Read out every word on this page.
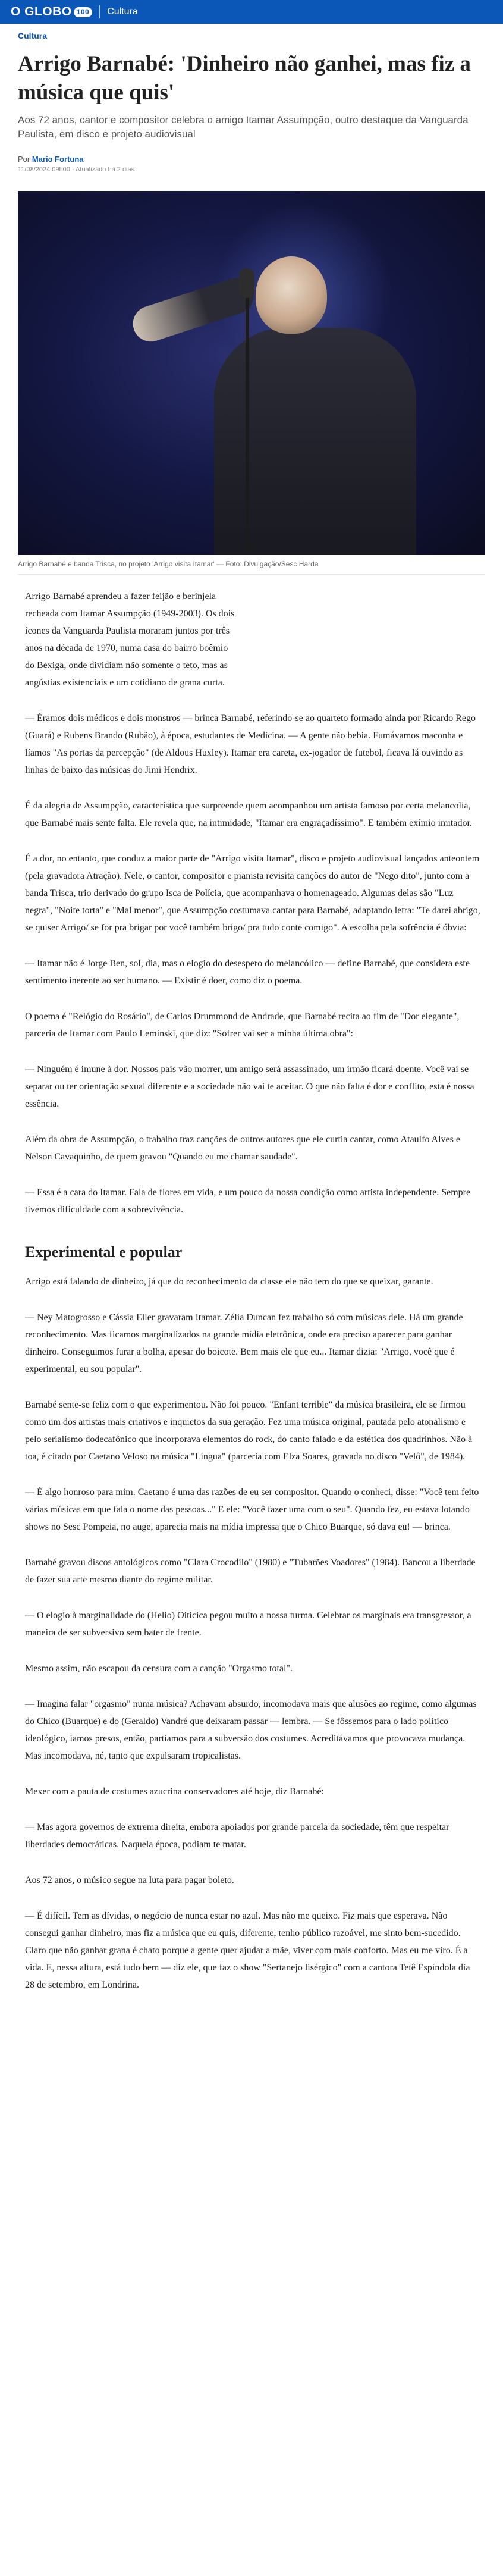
O GLOBO 100	Cultura
Cultura
Arrigo Barnabé: 'Dinheiro não ganhei, mas fiz a música que quis'

Aos 72 anos, cantor e compositor celebra o amigo Itamar Assumpção, outro destaque da Vanguarda Paulista, em disco e projeto audiovisual

Por Mario Fortuna
11/08/2024 09h00 · Atualizado há 2 dias
Arrigo Barnabé e banda Trisca, no projeto 'Arrigo visita Itamar' — Foto: Divulgação/Sesc Harda

Arrigo Barnabé aprendeu a fazer feijão e berinjela recheada com Itamar Assumpção (1949-2003). Os dois ícones da Vanguarda Paulista moraram juntos por três anos na década de 1970, numa casa do bairro boêmio do Bexiga, onde dividiam não somente o teto, mas as angústias existenciais e um cotidiano de grana curta.

— Éramos dois médicos e dois monstros — brinca Barnabé, referindo-se ao quarteto formado ainda por Ricardo Rego (Guará) e Rubens Brando (Rubão), à época, estudantes de Medicina. — A gente não bebia. Fumávamos maconha e líamos "As portas da percepção" (de Aldous Huxley). Itamar era careta, ex-jogador de futebol, ficava lá ouvindo as linhas de baixo das músicas do Jimi Hendrix.

É da alegria de Assumpção, característica que surpreende quem acompanhou um artista famoso por certa melancolia, que Barnabé mais sente falta. Ele revela que, na intimidade, "Itamar era engraçadíssimo". E também exímio imitador.

É a dor, no entanto, que conduz a maior parte de "Arrigo visita Itamar", disco e projeto audiovisual lançados anteontem (pela gravadora Atração). Nele, o cantor, compositor e pianista revisita canções do autor de "Nego dito", junto com a banda Trisca, trio derivado do grupo Isca de Polícia, que acompanhava o homenageado. Algumas delas são "Luz negra", "Noite torta" e "Mal menor", que Assumpção costumava cantar para Barnabé, adaptando letra: "Te darei abrigo, se quiser Arrigo/ se for pra brigar por você também brigo/ pra tudo conte comigo". A escolha pela sofrência é óbvia:

— Itamar não é Jorge Ben, sol, dia, mas o elogio do desespero do melancólico — define Barnabé, que considera este sentimento inerente ao ser humano. — Existir é doer, como diz o poema.

O poema é "Relógio do Rosário", de Carlos Drummond de Andrade, que Barnabé recita ao fim de "Dor elegante", parceria de Itamar com Paulo Leminski, que diz: "Sofrer vai ser a minha última obra":

— Ninguém é imune à dor. Nossos pais vão morrer, um amigo será assassinado, um irmão ficará doente. Você vai se separar ou ter orientação sexual diferente e a sociedade não vai te aceitar. O que não falta é dor e conflito, esta é nossa essência.

Além da obra de Assumpção, o trabalho traz canções de outros autores que ele curtia cantar, como Ataulfo Alves e Nelson Cavaquinho, de quem gravou "Quando eu me chamar saudade".

— Essa é a cara do Itamar. Fala de flores em vida, e um pouco da nossa condição como artista independente. Sempre tivemos dificuldade com a sobrevivência.

Experimental e popular

Arrigo está falando de dinheiro, já que do reconhecimento da classe ele não tem do que se queixar, garante.

— Ney Matogrosso e Cássia Eller gravaram Itamar. Zélia Duncan fez trabalho só com músicas dele. Há um grande reconhecimento. Mas ficamos marginalizados na grande mídia eletrônica, onde era preciso aparecer para ganhar dinheiro. Conseguimos furar a bolha, apesar do boicote. Bem mais ele que eu... Itamar dizia: "Arrigo, você que é experimental, eu sou popular".

Barnabé sente-se feliz com o que experimentou. Não foi pouco. "Enfant terrible" da música brasileira, ele se firmou como um dos artistas mais criativos e inquietos da sua geração. Fez uma música original, pautada pelo atonalismo e pelo serialismo dodecafônico que incorporava elementos do rock, do canto falado e da estética dos quadrinhos. Não à toa, é citado por Caetano Veloso na música "Língua" (parceria com Elza Soares, gravada no disco "Velô", de 1984).

— É algo honroso para mim. Caetano é uma das razões de eu ser compositor. Quando o conheci, disse: "Você tem feito várias músicas em que fala o nome das pessoas..." E ele: "Você fazer uma com o seu". Quando fez, eu estava lotando shows no Sesc Pompeia, no auge, aparecia mais na mídia impressa que o Chico Buarque, só dava eu! — brinca.

Barnabé gravou discos antológicos como "Clara Crocodilo" (1980) e "Tubarões Voadores" (1984). Bancou a liberdade de fazer sua arte mesmo diante do regime militar.

— O elogio à marginalidade do (Helio) Oiticica pegou muito a nossa turma. Celebrar os marginais era transgressor, a maneira de ser subversivo sem bater de frente.

Mesmo assim, não escapou da censura com a canção "Orgasmo total".

— Imagina falar "orgasmo" numa música? Achavam absurdo, incomodava mais que alusões ao regime, como algumas do Chico (Buarque) e do (Geraldo) Vandré que deixaram passar — lembra. — Se fôssemos para o lado político ideológico, íamos presos, então, partíamos para a subversão dos costumes. Acreditávamos que provocava mudança. Mas incomodava, né, tanto que expulsaram tropicalistas.

Mexer com a pauta de costumes azucrina conservadores até hoje, diz Barnabé:

— Mas agora governos de extrema direita, embora apoiados por grande parcela da sociedade, têm que respeitar liberdades democráticas. Naquela época, podiam te matar.

Aos 72 anos, o músico segue na luta para pagar boleto.

— É difícil. Tem as dívidas, o negócio de nunca estar no azul. Mas não me queixo. Fiz mais que esperava. Não consegui ganhar dinheiro, mas fiz a música que eu quis, diferente, tenho público razoável, me sinto bem-sucedido. Claro que não ganhar grana é chato porque a gente quer ajudar a mãe, viver com mais conforto. Mas eu me viro. É a vida. E, nessa altura, está tudo bem — diz ele, que faz o show "Sertanejo lisérgico" com a cantora Tetê Espíndola dia 28 de setembro, em Londrina.
